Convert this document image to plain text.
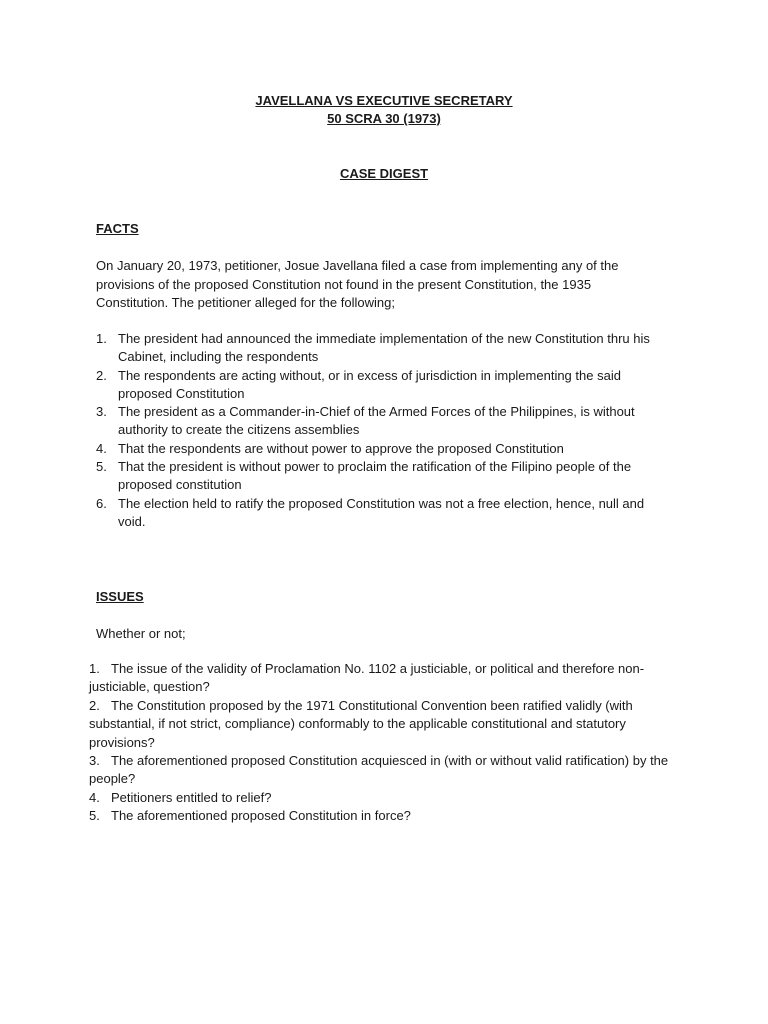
JAVELLANA VS EXECUTIVE SECRETARY
50 SCRA 30 (1973)
CASE DIGEST
FACTS
On January 20, 1973, petitioner, Josue Javellana filed a case from implementing any of the provisions of the proposed Constitution not found in the present Constitution, the 1935 Constitution. The petitioner alleged for the following;
1. The president had announced the immediate implementation of the new Constitution thru his Cabinet, including the respondents
2. The respondents are acting without, or in excess of jurisdiction in implementing the said proposed Constitution
3. The president as a Commander-in-Chief of the Armed Forces of the Philippines, is without authority to create the citizens assemblies
4. That the respondents are without power to approve the proposed Constitution
5. That the president is without power to proclaim the ratification of the Filipino people of the proposed constitution
6. The election held to ratify the proposed Constitution was not a free election, hence, null and void.
ISSUES
Whether or not;
1. The issue of the validity of Proclamation No. 1102 a justiciable, or political and therefore non-justiciable, question?
2. The Constitution proposed by the 1971 Constitutional Convention been ratified validly (with substantial, if not strict, compliance) conformably to the applicable constitutional and statutory provisions?
3. The aforementioned proposed Constitution acquiesced in (with or without valid ratification) by the people?
4. Petitioners entitled to relief?
5. The aforementioned proposed Constitution in force?
